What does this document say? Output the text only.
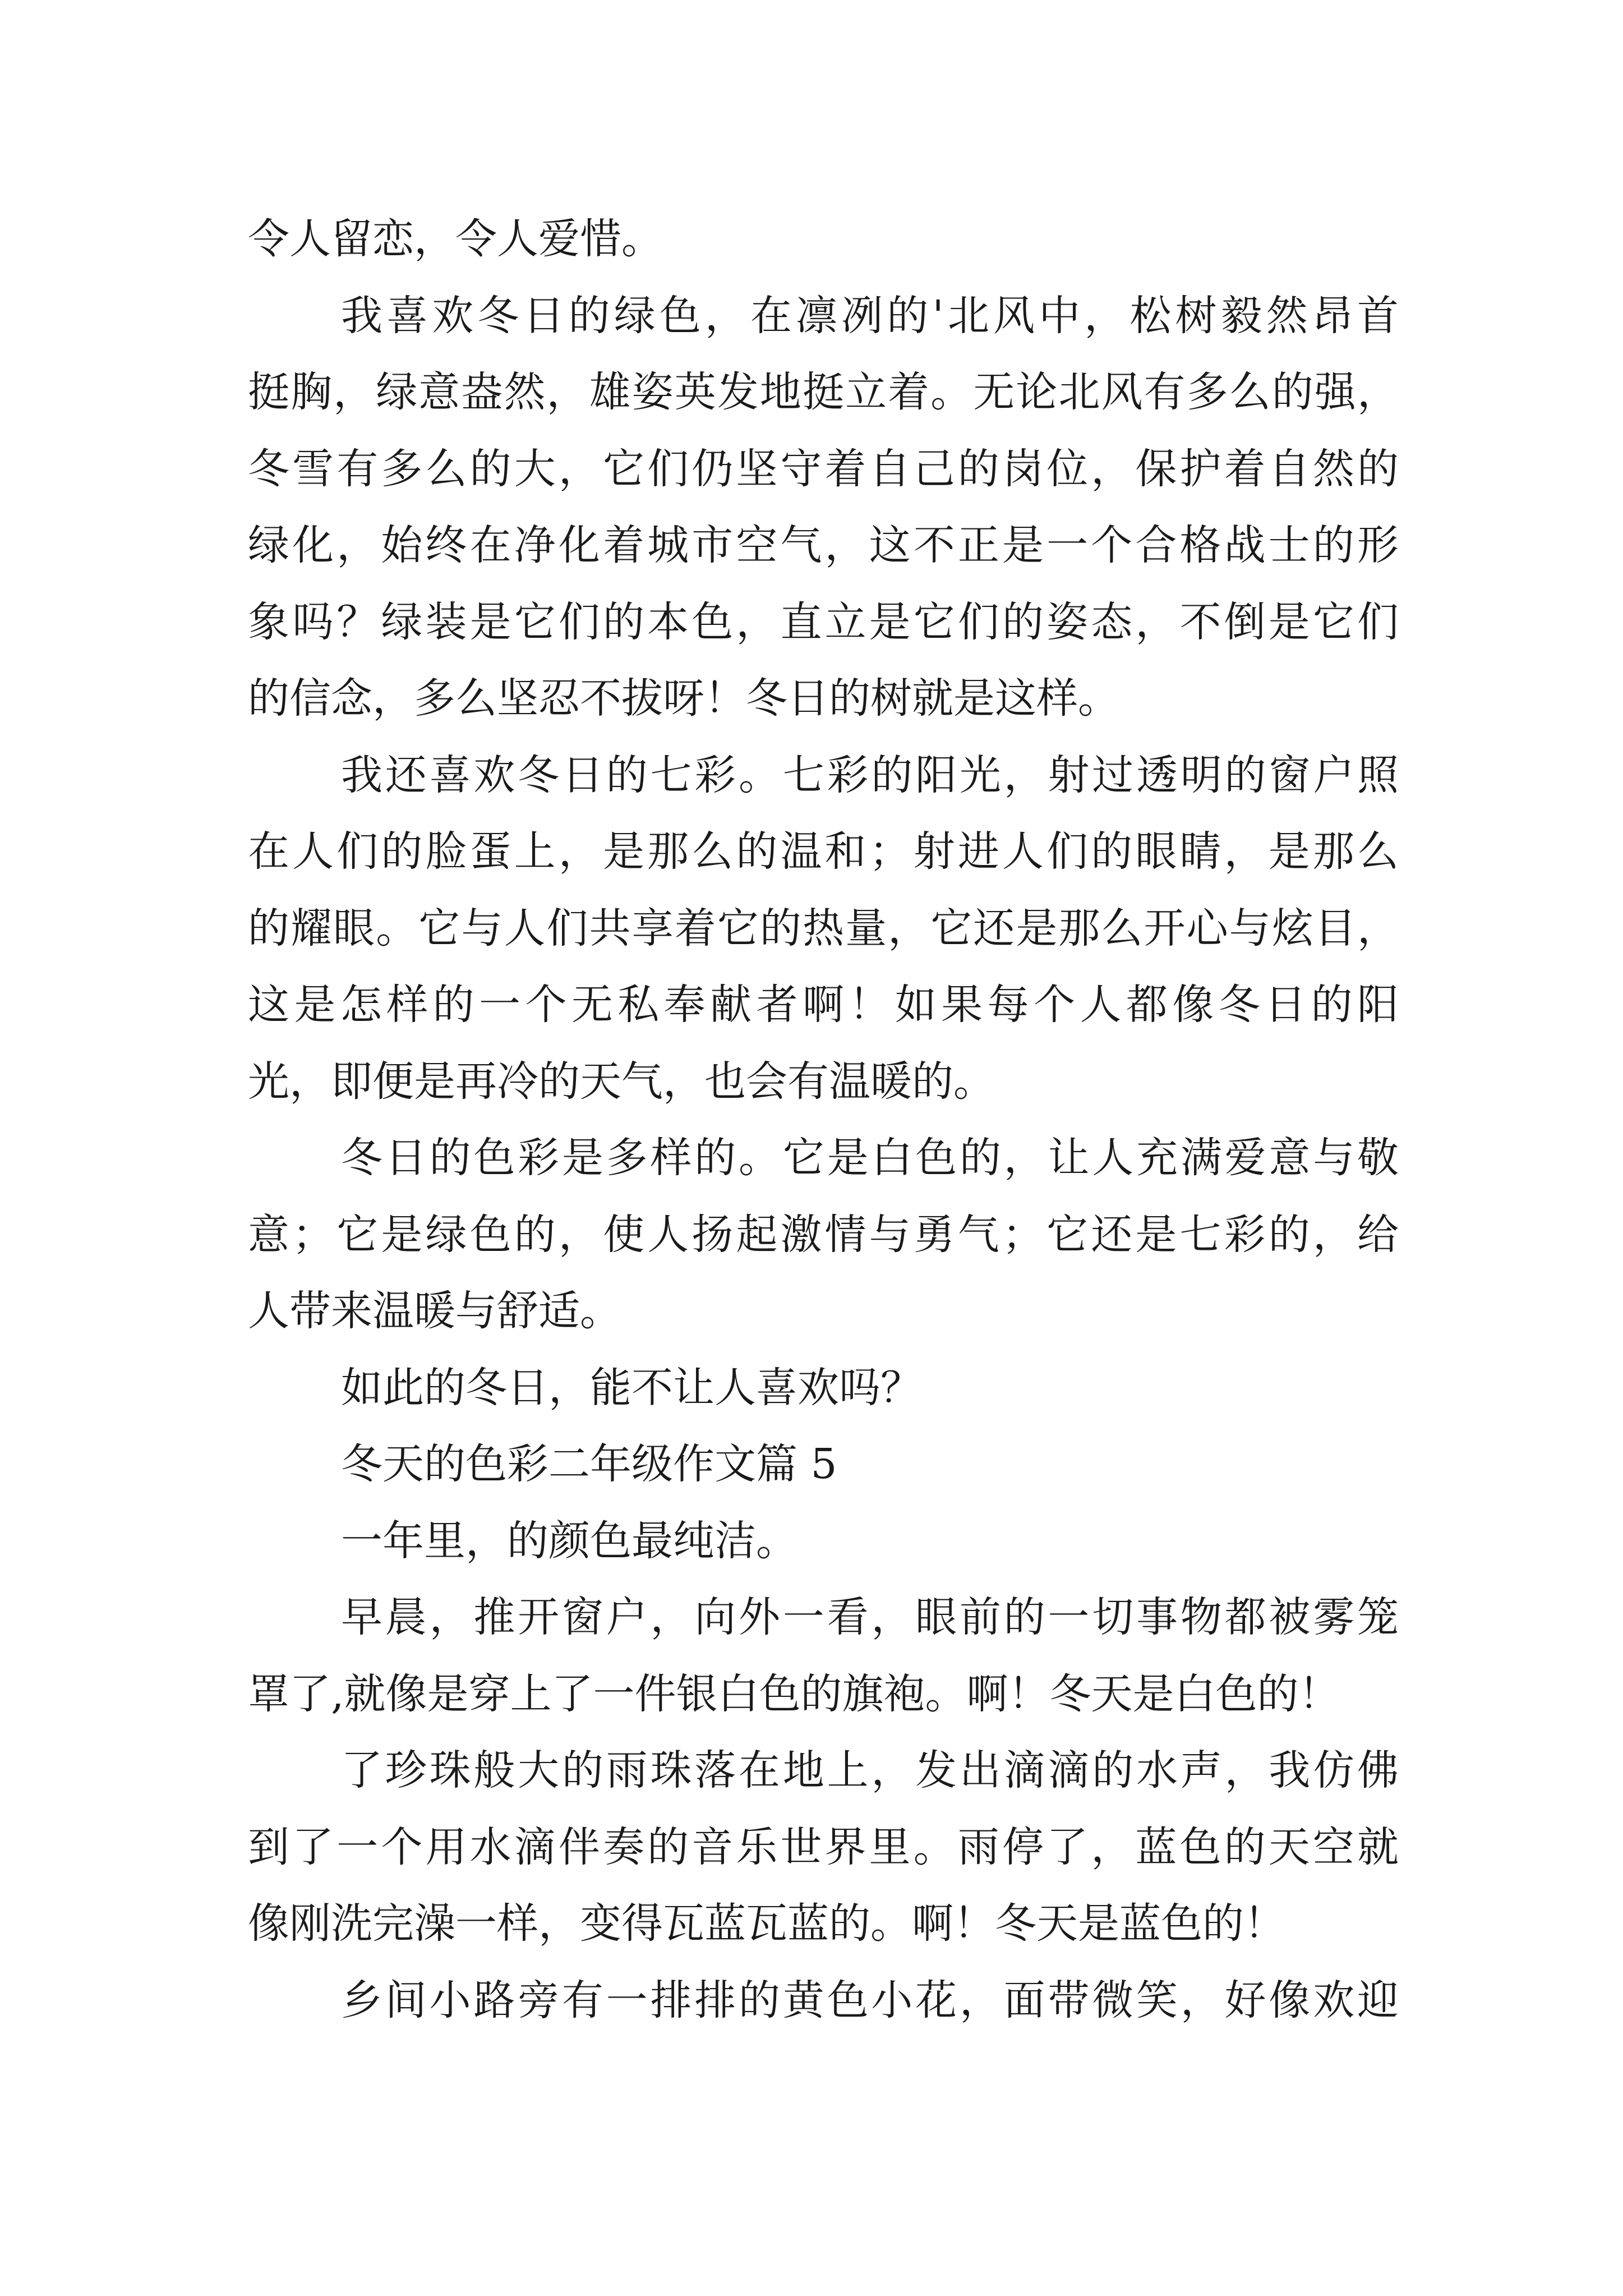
令人留恋，令人爱惜。
我喜欢冬日的绿色，在凛冽的'北风中，松树毅然昂首
挺胸，绿意盎然，雄姿英发地挺立着。无论北风有多么的强，
冬雪有多么的大，它们仍坚守着自己的岗位，保护着自然的
绿化，始终在净化着城市空气，这不正是一个合格战士的形
象吗？绿装是它们的本色，直立是它们的姿态，不倒是它们
的信念，多么坚忍不拔呀！冬日的树就是这样。
我还喜欢冬日的七彩。七彩的阳光，射过透明的窗户照
在人们的脸蛋上，是那么的温和；射进人们的眼睛，是那么
的耀眼。它与人们共享着它的热量，它还是那么开心与炫目，
这是怎样的一个无私奉献者啊！如果每个人都像冬日的阳
光，即便是再冷的天气，也会有温暖的。
冬日的色彩是多样的。它是白色的，让人充满爱意与敬
意；它是绿色的，使人扬起激情与勇气；它还是七彩的，给
人带来温暖与舒适。
如此的冬日，能不让人喜欢吗？
冬天的色彩二年级作文篇 5
一年里，的颜色最纯洁。
早晨，推开窗户，向外一看，眼前的一切事物都被雾笼
罩了,就像是穿上了一件银白色的旗袍。啊！冬天是白色的！
了珍珠般大的雨珠落在地上，发出滴滴的水声，我仿佛
到了一个用水滴伴奏的音乐世界里。雨停了，蓝色的天空就
像刚洗完澡一样，变得瓦蓝瓦蓝的。啊！冬天是蓝色的！
乡间小路旁有一排排的黄色小花，面带微笑，好像欢迎
